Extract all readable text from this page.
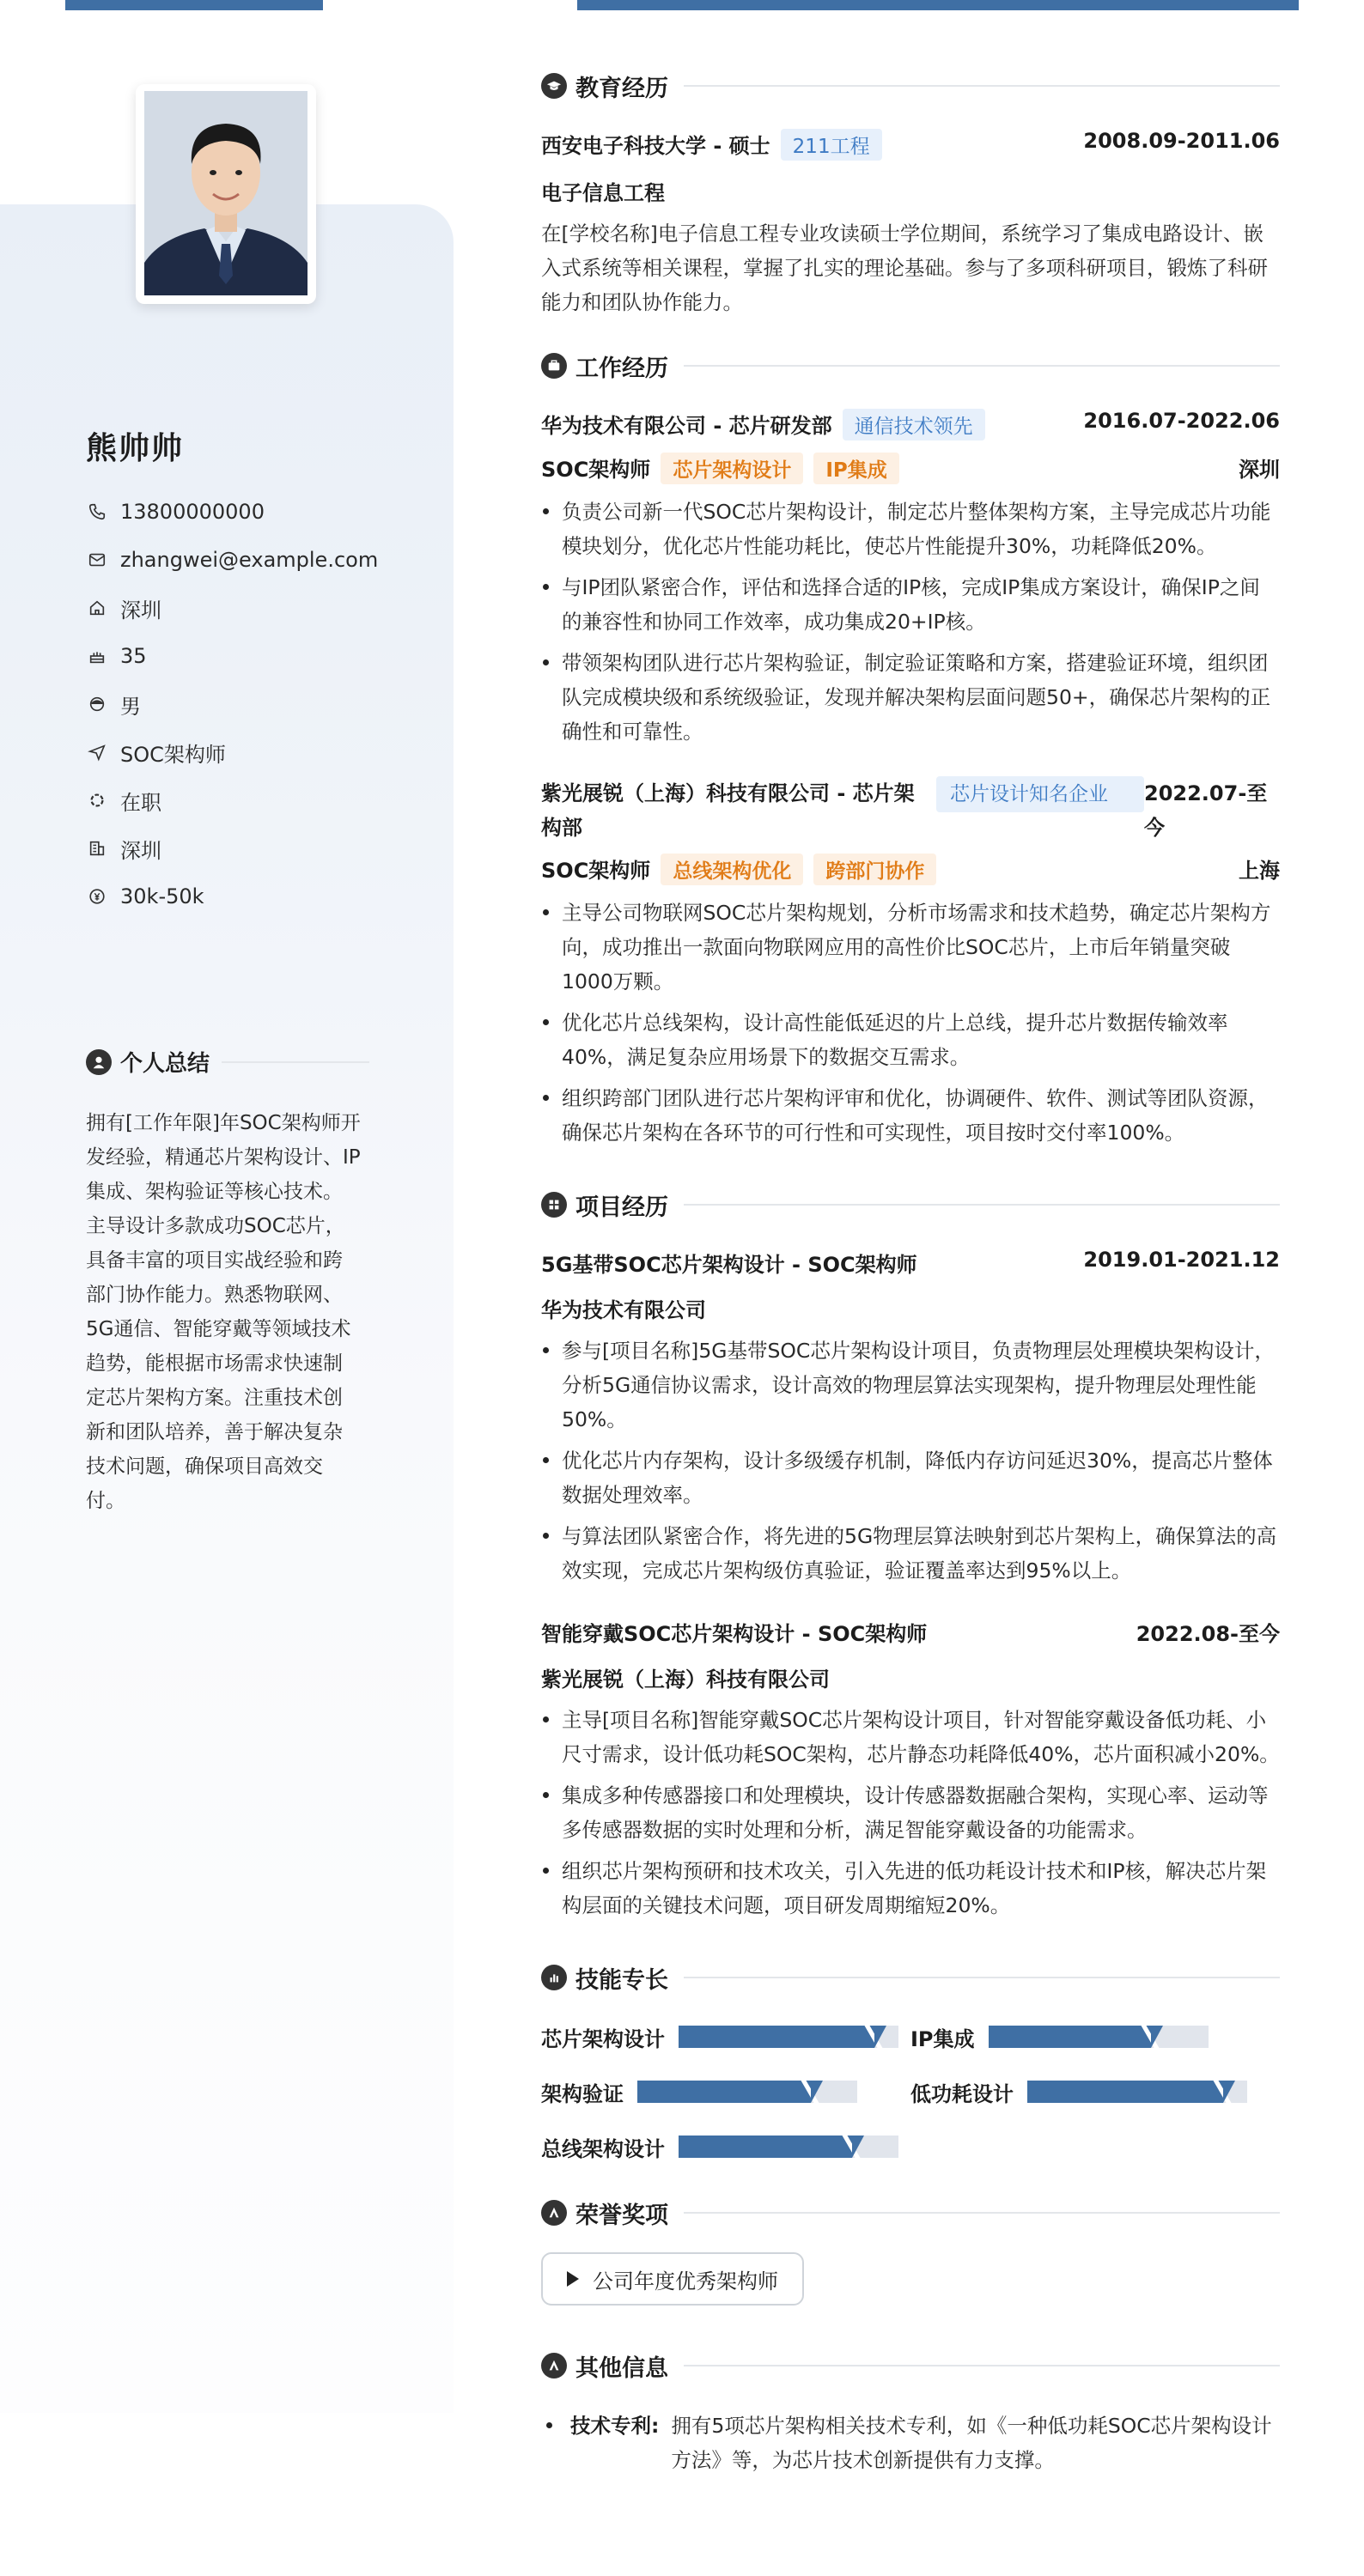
熊帅帅
13800000000
zhangwei@example.com
深圳
35
男
SOC架构师
在职
深圳
30k-50k
个人总结
拥有[工作年限]年SOC架构师开发经验，精通芯片架构设计、IP集成、架构验证等核心技术。主导设计多款成功SOC芯片，具备丰富的项目实战经验和跨部门协作能力。熟悉物联网、5G通信、智能穿戴等领域技术趋势，能根据市场需求快速制定芯片架构方案。注重技术创新和团队培养，善于解决复杂技术问题，确保项目高效交付。
教育经历
西安电子科技大学 - 硕士 211工程	2008.09-2011.06
电子信息工程
在[学校名称]电子信息工程专业攻读硕士学位期间，系统学习了集成电路设计、嵌入式系统等相关课程，掌握了扎实的理论基础。参与了多项科研项目，锻炼了科研能力和团队协作能力。
工作经历
华为技术有限公司 - 芯片研发部 通信技术领先	2016.07-2022.06
SOC架构师 芯片架构设计 IP集成	深圳
负责公司新一代SOC芯片架构设计，制定芯片整体架构方案，主导完成芯片功能模块划分，优化芯片性能功耗比，使芯片性能提升30%，功耗降低20%。
与IP团队紧密合作，评估和选择合适的IP核，完成IP集成方案设计，确保IP之间的兼容性和协同工作效率，成功集成20+IP核。
带领架构团队进行芯片架构验证，制定验证策略和方案，搭建验证环境，组织团队完成模块级和系统级验证，发现并解决架构层面问题50+，确保芯片架构的正确性和可靠性。
紫光展锐（上海）科技有限公司 - 芯片架构部
芯片设计知名企业	2022.07-至今
SOC架构师 总线架构优化 跨部门协作	上海
主导公司物联网SOC芯片架构规划，分析市场需求和技术趋势，确定芯片架构方向，成功推出一款面向物联网应用的高性价比SOC芯片，上市后年销量突破1000万颗。
优化芯片总线架构，设计高性能低延迟的片上总线，提升芯片数据传输效率40%，满足复杂应用场景下的数据交互需求。
组织跨部门团队进行芯片架构评审和优化，协调硬件、软件、测试等团队资源，确保芯片架构在各环节的可行性和可实现性，项目按时交付率100%。
项目经历
5G基带SOC芯片架构设计 - SOC架构师	2019.01-2021.12
华为技术有限公司
参与[项目名称]5G基带SOC芯片架构设计项目，负责物理层处理模块架构设计，分析5G通信协议需求，设计高效的物理层算法实现架构，提升物理层处理性能50%。
优化芯片内存架构，设计多级缓存机制，降低内存访问延迟30%，提高芯片整体数据处理效率。
与算法团队紧密合作，将先进的5G物理层算法映射到芯片架构上，确保算法的高效实现，完成芯片架构级仿真验证，验证覆盖率达到95%以上。
智能穿戴SOC芯片架构设计 - SOC架构师	2022.08-至今
紫光展锐（上海）科技有限公司
主导[项目名称]智能穿戴SOC芯片架构设计项目，针对智能穿戴设备低功耗、小尺寸需求，设计低功耗SOC架构，芯片静态功耗降低40%，芯片面积减小20%。
集成多种传感器接口和处理模块，设计传感器数据融合架构，实现心率、运动等多传感器数据的实时处理和分析，满足智能穿戴设备的功能需求。
组织芯片架构预研和技术攻关，引入先进的低功耗设计技术和IP核，解决芯片架构层面的关键技术问题，项目研发周期缩短20%。
技能专长
芯片架构设计	IP集成
架构验证	低功耗设计
总线架构设计
荣誉奖项
公司年度优秀架构师
其他信息
技术专利: 拥有5项芯片架构相关技术专利，如《一种低功耗SOC芯片架构设计方法》等，为芯片技术创新提供有力支撑。
